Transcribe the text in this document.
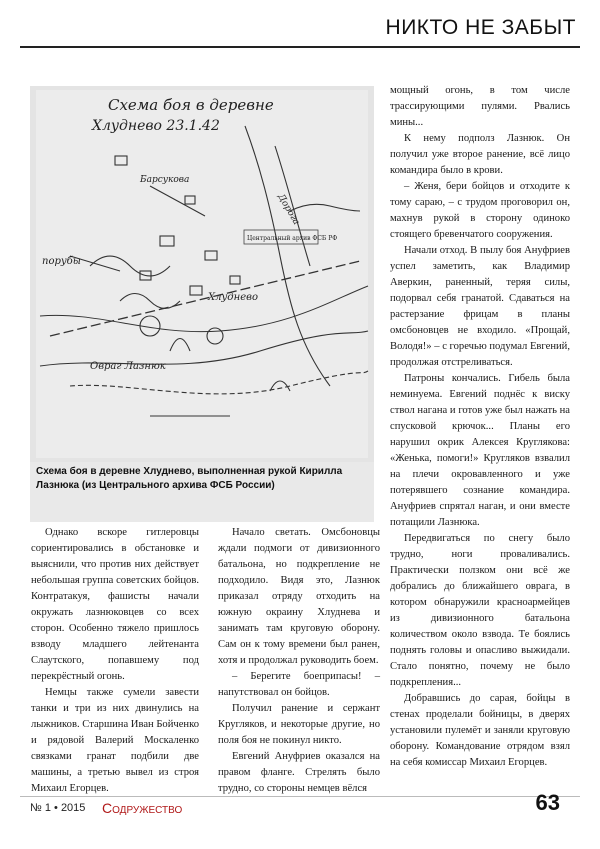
НИКТО НЕ ЗАБЫТ
Схема боя в деревне
Хлуднево 23.1.42
Барсукова
Хлуднево
порубы
Овраг Лазнюк
Дорога
Центральный архив ФСБ РФ
Схема боя в деревне Хлуднево, выполненная рукой Кирилла Лазнюка (из Центрального архива ФСБ России)

Однако вскоре гитлеровцы сориентировались в обстановке и выяснили, что против них действует небольшая группа советских бойцов. Контратакуя, фашисты начали окружать лазнюковцев со всех сторон. Особенно тяжело пришлось взводу младшего лейтенанта Слаутского, попавшему под перекрёстный огонь.

Немцы также сумели завести танки и три из них двинулись на лыжников. Старшина Иван Бойченко и рядовой Валерий Москаленко связками гранат подбили две машины, а третью вывел из строя Михаил Егорцев.

Начало светать. Омсбоновцы ждали подмоги от дивизионного батальона, но подкрепление не подходило. Видя это, Лазнюк приказал отряду отходить на южную окраину Хлуднева и занимать там круговую оборону. Сам он к тому времени был ранен, хотя и продолжал руководить боем.

– Берегите боеприпасы! – напутствовал он бойцов.

Получил ранение и сержант Кругляков, и некоторые другие, но поля боя не покинул никто.

Евгений Ануфриев оказался на правом фланге. Стрелять было трудно, со стороны немцев вёлся

мощный огонь, в том числе трассирующими пулями. Рвались мины...

К нему подполз Лазнюк. Он получил уже второе ранение, всё лицо командира было в крови.

– Женя, бери бойцов и отходите к тому сараю, – с трудом проговорил он, махнув рукой в сторону одиноко стоящего бревенчатого сооружения.

Начали отход. В пылу боя Ануфриев успел заметить, как Владимир Аверкин, раненный, теряя силы, подорвал себя гранатой. Сдаваться на растерзание фрицам в планы омсбоновцев не входило. «Прощай, Володя!» – с горечью подумал Евгений, продолжая отстреливаться.

Патроны кончались. Гибель была неминуема. Евгений поднёс к виску ствол нагана и готов уже был нажать на спусковой крючок... Планы его нарушил окрик Алексея Круглякова: «Женька, помоги!» Кругляков взвалил на плечи окровавленного и уже потерявшего сознание командира. Ануфриев спрятал наган, и они вместе потащили Лазнюка.

Передвигаться по снегу было трудно, ноги проваливались. Практически ползком они всё же добрались до ближайшего оврага, в котором обнаружили красноармейцев из дивизионного батальона количеством около взвода. Те боялись поднять головы и опасливо выжидали. Стало понятно, почему не было подкрепления...

Добравшись до сарая, бойцы в стенах проделали бойницы, в дверях установили пулемёт и заняли круговую оборону. Командование отрядом взял на себя комиссар Михаил Егорцев.

№ 1 • 2015 Содружество	63
